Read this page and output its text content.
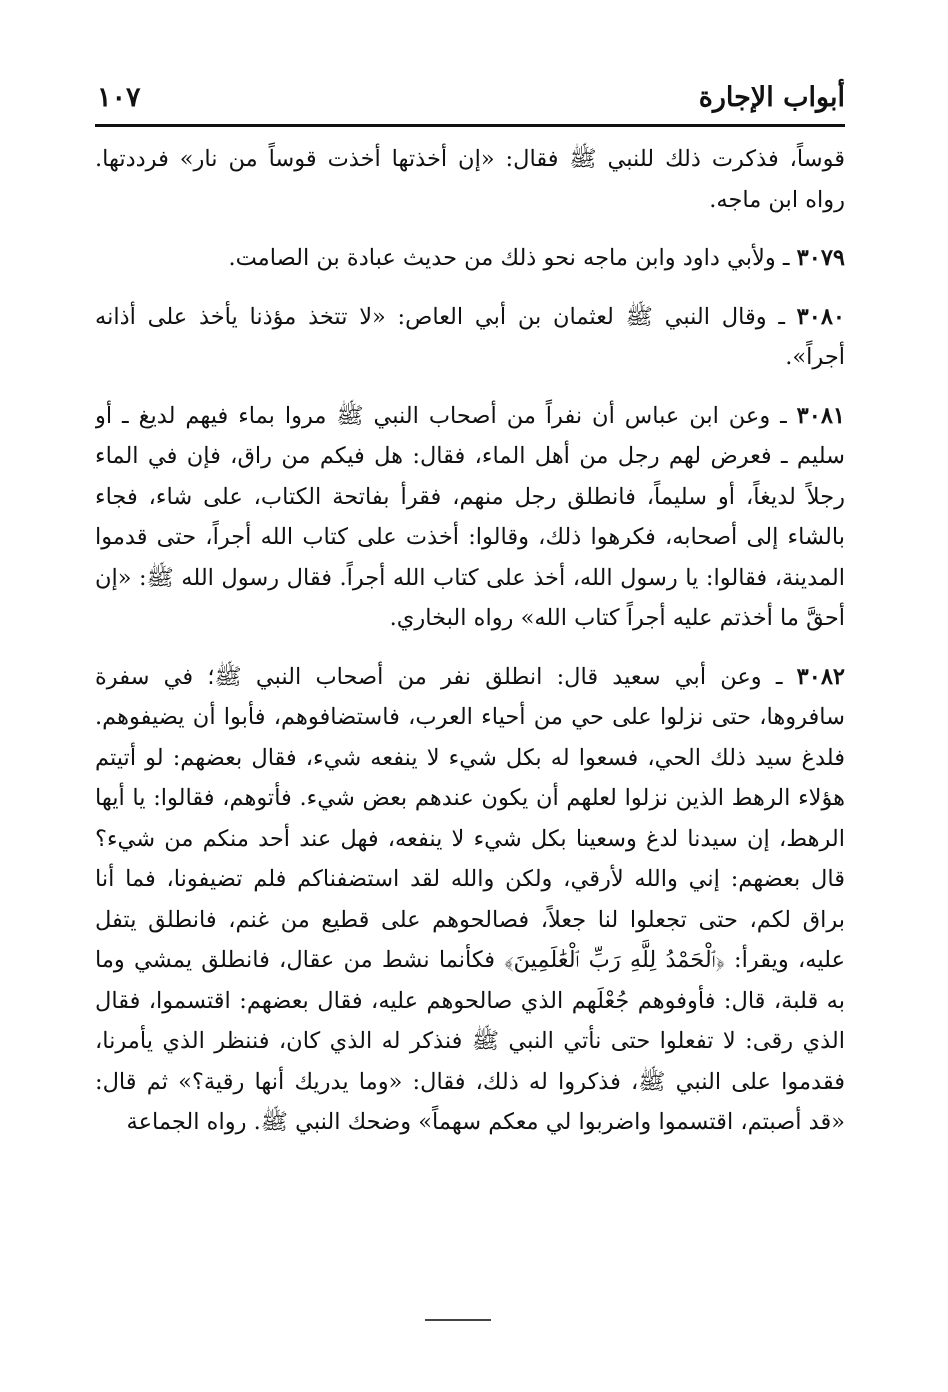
أبواب الإجارة
١٠٧

قوساً، فذكرت ذلك للنبي ﷺ فقال: «إن أخذتها أخذت قوساً من نار» فرددتها. رواه ابن ماجه.

٣٠٧٩ ـ ولأبي داود وابن ماجه نحو ذلك من حديث عبادة بن الصامت.

٣٠٨٠ ـ وقال النبي ﷺ لعثمان بن أبي العاص: «لا تتخذ مؤذنا يأخذ على أذانه أجراً».

٣٠٨١ ـ وعن ابن عباس أن نفراً من أصحاب النبي ﷺ مروا بماء فيهم لديغ ـ أو سليم ـ فعرض لهم رجل من أهل الماء، فقال: هل فيكم من راق، فإن في الماء رجلاً لديغاً، أو سليماً، فانطلق رجل منهم، فقرأ بفاتحة الكتاب، على شاء، فجاء بالشاء إلى أصحابه، فكرهوا ذلك، وقالوا: أخذت على كتاب الله أجراً، حتى قدموا المدينة، فقالوا: يا رسول الله، أخذ على كتاب الله أجراً. فقال رسول الله ﷺ: «إن أحقَّ ما أخذتم عليه أجراً كتاب الله» رواه البخاري.

٣٠٨٢ ـ وعن أبي سعيد قال: انطلق نفر من أصحاب النبي ﷺ؛ في سفرة سافروها، حتى نزلوا على حي من أحياء العرب، فاستضافوهم، فأبوا أن يضيفوهم. فلدغ سيد ذلك الحي، فسعوا له بكل شيء لا ينفعه شيء، فقال بعضهم: لو أتيتم هؤلاء الرهط الذين نزلوا لعلهم أن يكون عندهم بعض شيء. فأتوهم، فقالوا: يا أيها الرهط، إن سيدنا لدغ وسعينا بكل شيء لا ينفعه، فهل عند أحد منكم من شيء؟ قال بعضهم: إني والله لأرقي، ولكن والله لقد استضفناكم فلم تضيفونا، فما أنا براق لكم، حتى تجعلوا لنا جعلاً، فصالحوهم على قطيع من غنم، فانطلق يتفل عليه، ويقرأ: ﴿ٱلْحَمْدُ لِلَّهِ رَبِّ ٱلْعَٰلَمِينَ﴾ فكأنما نشط من عقال، فانطلق يمشي وما به قلبة، قال: فأوفوهم جُعْلَهم الذي صالحوهم عليه، فقال بعضهم: اقتسموا، فقال الذي رقى: لا تفعلوا حتى نأتي النبي ﷺ فنذكر له الذي كان، فننظر الذي يأمرنا، فقدموا على النبي ﷺ، فذكروا له ذلك، فقال: «وما يدريك أنها رقية؟» ثم قال: «قد أصبتم، اقتسموا واضربوا لي معكم سهماً» وضحك النبي ﷺ. رواه الجماعة
